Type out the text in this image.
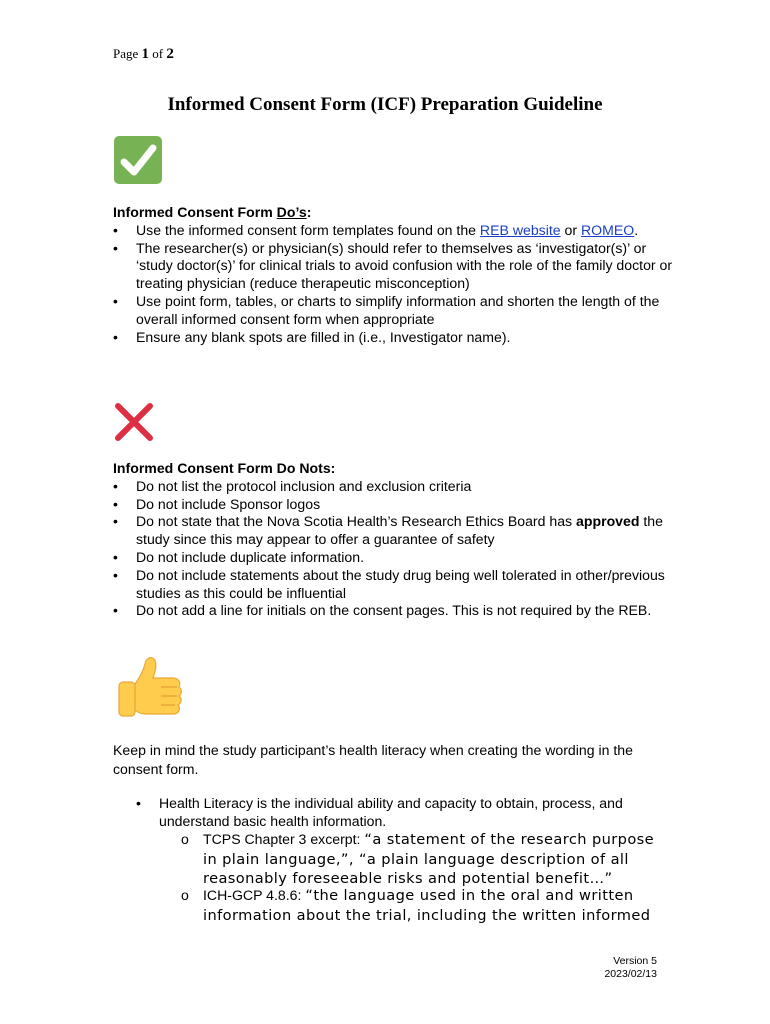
Page 1 of 2
Informed Consent Form (ICF) Preparation Guideline
Informed Consent Form Do’s:
• Use the informed consent form templates found on the REB website or ROMEO.
• The researcher(s) or physician(s) should refer to themselves as ‘investigator(s)’ or ‘study doctor(s)’ for clinical trials to avoid confusion with the role of the family doctor or treating physician (reduce therapeutic misconception)
• Use point form, tables, or charts to simplify information and shorten the length of the overall informed consent form when appropriate
• Ensure any blank spots are filled in (i.e., Investigator name).
Informed Consent Form Do Nots:
• Do not list the protocol inclusion and exclusion criteria
• Do not include Sponsor logos
• Do not state that the Nova Scotia Health’s Research Ethics Board has approved the study since this may appear to offer a guarantee of safety
• Do not include duplicate information.
• Do not include statements about the study drug being well tolerated in other/previous studies as this could be influential
• Do not add a line for initials on the consent pages. This is not required by the REB.
Keep in mind the study participant’s health literacy when creating the wording in the consent form.
• Health Literacy is the individual ability and capacity to obtain, process, and understand basic health information.
o TCPS Chapter 3 excerpt: “a statement of the research purpose in plain language,”, “a plain language description of all reasonably foreseeable risks and potential benefit…”
o ICH-GCP 4.8.6: “the language used in the oral and written information about the trial, including the written informed
Version 5
2023/02/13
